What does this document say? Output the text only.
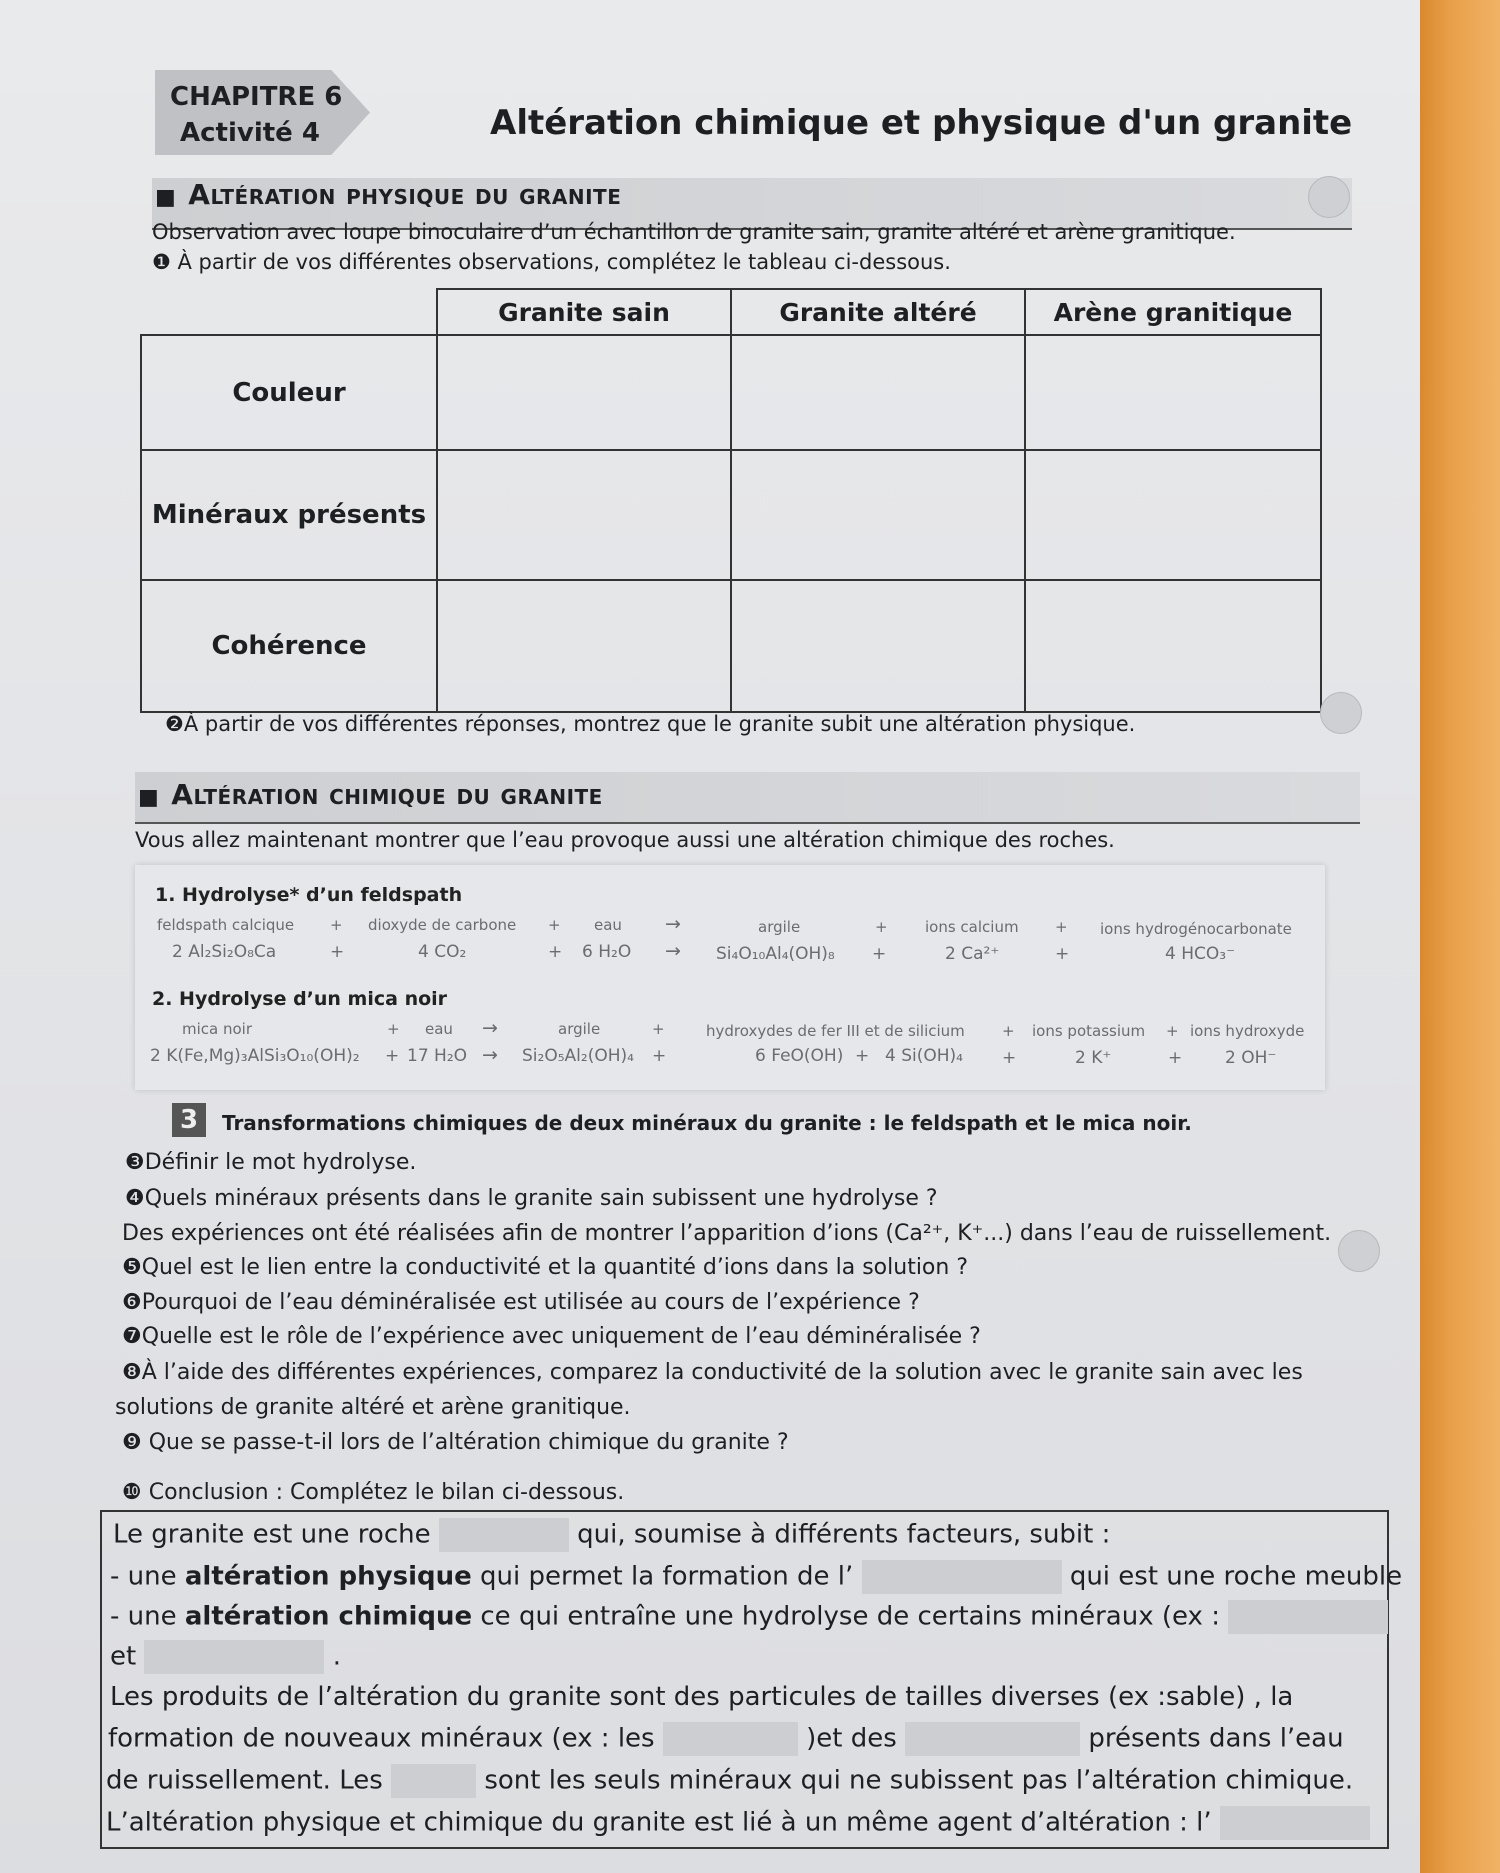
CHAPITRE 6
Activité 4	Altération chimique et physique d'un granite
■ Altération physique du granite
Observation avec loupe binoculaire d’un échantillon de granite sain, granite altéré et arène granitique.
❶ À partir de vos différentes observations, complétez le tableau ci-dessous.
	Granite sain	Granite altéré	Arène granitique
Couleur			
Minéraux présents			
Cohérence			
❷À partir de vos différentes réponses, montrez que le granite subit une altération physique.
■ Altération chimique du granite
Vous allez maintenant montrer que l’eau provoque aussi une altération chimique des roches.
1. Hydrolyse* d’un feldspath
feldspath calcique + dioxyde de carbone + eau →	argile	+ ions calcium + ions hydrogénocarbonate
2 Al₂Si₂O₈Ca	+	4 CO₂	+ 6 H₂O → Si₄O₁₀Al₄(OH)₈ +	2 Ca²⁺	+	4 HCO₃⁻
2. Hydrolyse d’un mica noir
mica noir	+ eau →	argile	+	hydroxydes de fer III et de silicium + ions potassium + ions hydroxyde
2 K(Fe,Mg)₃AlSi₃O₁₀(OH)₂ + 17 H₂O → Si₂O₅Al₂(OH)₄ +	6 FeO(OH) + 4 Si(OH)₄ +	2 K⁺	+	2 OH⁻
3	Transformations chimiques de deux minéraux du granite : le feldspath et le mica noir.
❸Définir le mot hydrolyse.
❹Quels minéraux présents dans le granite sain subissent une hydrolyse ?
Des expériences ont été réalisées afin de montrer l’apparition d’ions (Ca²⁺, K⁺...) dans l’eau de ruissellement.
❺Quel est le lien entre la conductivité et la quantité d’ions dans la solution ?
❻Pourquoi de l’eau déminéralisée est utilisée au cours de l’expérience ?
❼Quelle est le rôle de l’expérience avec uniquement de l’eau déminéralisée ?
❽À l’aide des différentes expériences, comparez la conductivité de la solution avec le granite sain avec les
solutions de granite altéré et arène granitique.
❾ Que se passe-t-il lors de l’altération chimique du granite ?
❿ Conclusion : Complétez le bilan ci-dessous.
Le granite est une roche	qui, soumise à différents facteurs, subit :
- une altération physique qui permet la formation de l’	qui est une roche meuble
- une altération chimique ce qui entraîne une hydrolyse de certains minéraux (ex :
et	.
Les produits de l’altération du granite sont des particules de tailles diverses (ex :sable) , la
formation de nouveaux minéraux (ex : les	)et des	présents dans l’eau
de ruissellement. Les	sont les seuls minéraux qui ne subissent pas l’altération chimique.
L’altération physique et chimique du granite est lié à un même agent d’altération : l’
